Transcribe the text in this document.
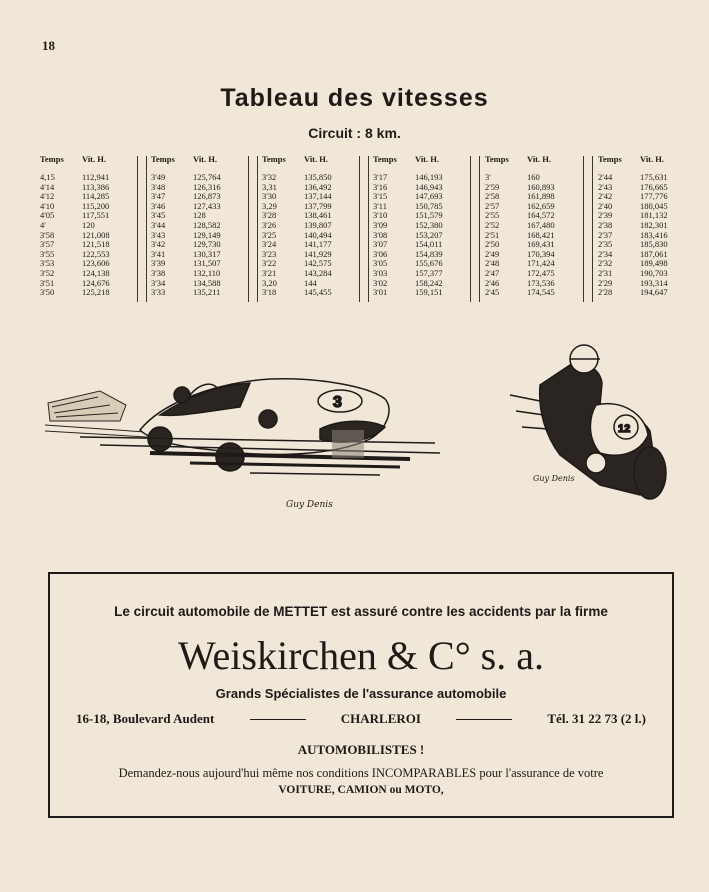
18
Tableau des vitesses
Circuit : 8 km.
Temps	Vit. H.
4,15	112,941
4'14	113,386
4'12	114,285
4'10	115,200
4'05	117,551
4'	120
3'58	121,008
3'57	121,518
3'55	122,553
3'53	123,606
3'52	124,138
3'51	124,676
3'50	125,218
Temps	Vit. H.
3'49	125,764
3'48	126,316
3'47	126,873
3'46	127,433
3'45	128
3'44	128,582
3'43	129,149
3'42	129,730
3'41	130,317
3'39	131,507
3'38	132,110
3'34	134,588
3'33	135,211
Temps	Vit. H.
3'32	135,850
3,31	136,492
3'30	137,144
3,29	137,799
3'28	138,461
3'26	139,807
3'25	140,494
3'24	141,177
3'23	141,929
3'22	142,575
3'21	143,284
3,20	144
3'18	145,455
Temps	Vit. H.
3'17	146,193
3'16	146,943
3'15	147,693
3'11	150,785
3'10	151,579
3'09	152,380
3'08	153,207
3'07	154,011
3'06	154,839
3'05	155,676
3'03	157,377
3'02	158,242
3'01	159,151
Temps	Vit. H.
3'	160
2'59	160,893
2'58	161,898
2'57	162,659
2'55	164,572
2'52	167,480
2'51	168,421
2'50	169,431
2'49	170,394
2'48	171,424
2'47	172,475
2'46	173,536
2'45	174,545
Temps	Vit. H.
2'44	175,631
2'43	176,665
2'42	177,776
2'40	180,045
2'39	181,132
2'38	182,301
2'37	183,416
2'35	185,830
2'34	187,061
2'32	189,498
2'31	190,703
2'29	193,314
2'28	194,647
3
Guy Denis
12
Guy Denis
Le circuit automobile de METTET est assuré contre les accidents par la firme
Weiskirchen & C° s. a.
Grands Spécialistes de l'assurance automobile
16-18, Boulevard Audent	CHARLEROI	Tél. 31 22 73 (2 l.)
AUTOMOBILISTES !
Demandez-nous aujourd'hui même nos conditions INCOMPARABLES pour l'assurance de votre
VOITURE, CAMION ou MOTO,
